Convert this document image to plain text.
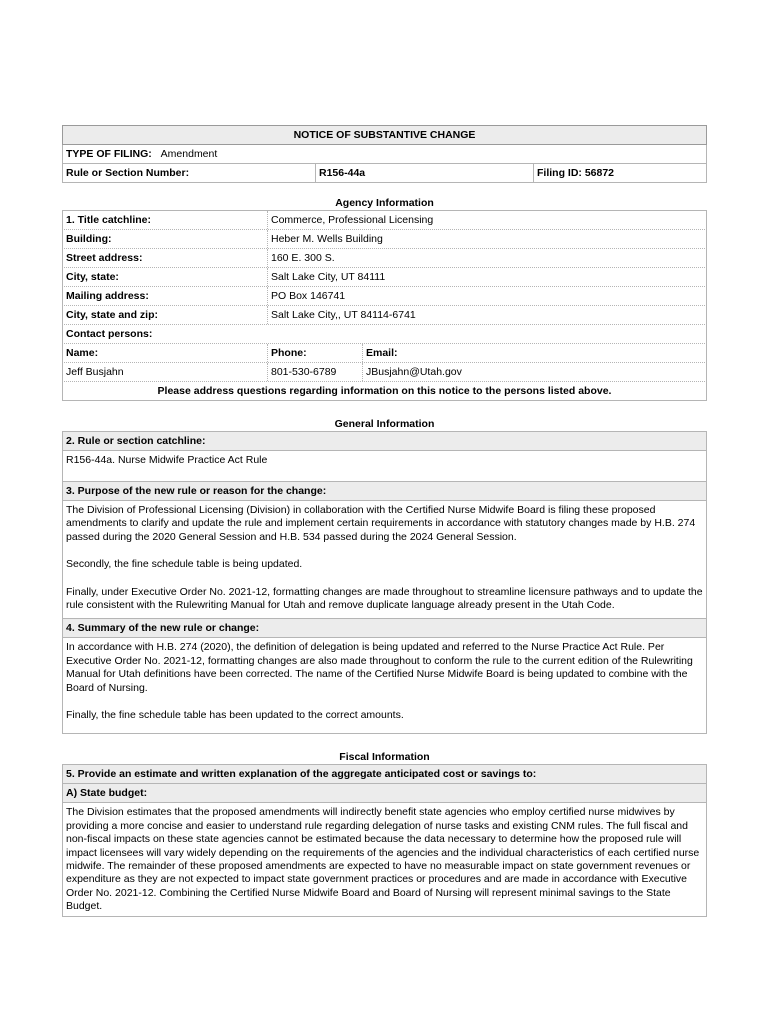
NOTICE OF SUBSTANTIVE CHANGE
TYPE OF FILING: Amendment
Rule or Section Number:	R156-44a	Filing ID: 56872
Agency Information
1. Title catchline:	Commerce, Professional Licensing
Building:	Heber M. Wells Building
Street address:	160 E. 300 S.
City, state:	Salt Lake City, UT 84111
Mailing address:	PO Box 146741
City, state and zip:	Salt Lake City,, UT 84114-6741
Contact persons:
Name:	Phone:	Email:
Jeff Busjahn	801-530-6789	JBusjahn@Utah.gov
Please address questions regarding information on this notice to the persons listed above.
General Information
2. Rule or section catchline:
R156-44a. Nurse Midwife Practice Act Rule
3. Purpose of the new rule or reason for the change:

The Division of Professional Licensing (Division) in collaboration with the Certified Nurse Midwife Board is filing these proposed amendments to clarify and update the rule and implement certain requirements in accordance with statutory changes made by H.B. 274 passed during the 2020 General Session and H.B. 534 passed during the 2024 General Session.

Secondly, the fine schedule table is being updated.

Finally, under Executive Order No. 2021-12, formatting changes are made throughout to streamline licensure pathways and to update the rule consistent with the Rulewriting Manual for Utah and remove duplicate language already present in the Utah Code.

4. Summary of the new rule or change:

In accordance with H.B. 274 (2020), the definition of delegation is being updated and referred to the Nurse Practice Act Rule. Per Executive Order No. 2021-12, formatting changes are also made throughout to conform the rule to the current edition of the Rulewriting Manual for Utah definitions have been corrected. The name of the Certified Nurse Midwife Board is being updated to combine with the Board of Nursing.

Finally, the fine schedule table has been updated to the correct amounts.

Fiscal Information
5. Provide an estimate and written explanation of the aggregate anticipated cost or savings to:
A) State budget:

The Division estimates that the proposed amendments will indirectly benefit state agencies who employ certified nurse midwives by providing a more concise and easier to understand rule regarding delegation of nurse tasks and existing CNM rules. The full fiscal and non-fiscal impacts on these state agencies cannot be estimated because the data necessary to determine how the proposed rule will impact licensees will vary widely depending on the requirements of the agencies and the individual characteristics of each certified nurse midwife. The remainder of these proposed amendments are expected to have no measurable impact on state government revenues or expenditure as they are not expected to impact state government practices or procedures and are made in accordance with Executive Order No. 2021-12. Combining the Certified Nurse Midwife Board and Board of Nursing will represent minimal savings to the State Budget.
